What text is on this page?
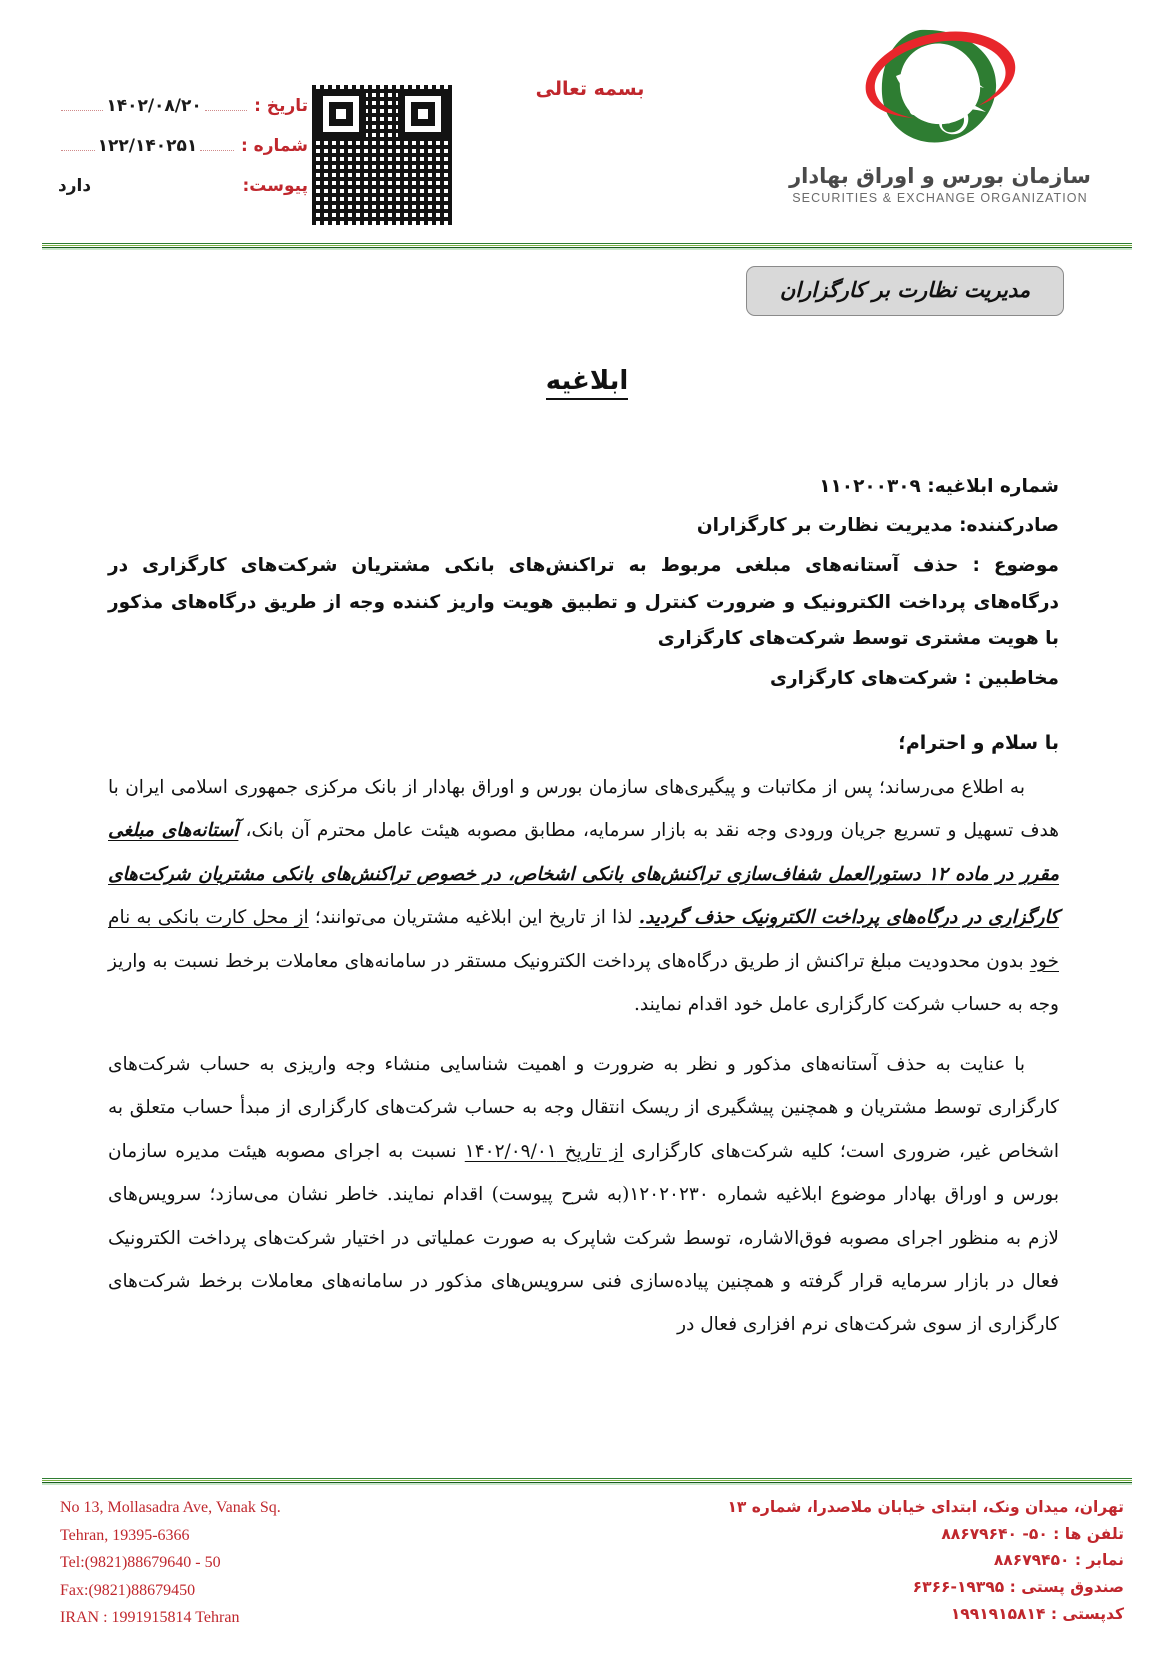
تاریخ :
۱۴۰۲/۰۸/۲۰
شماره :
۱۲۲/۱۴۰۲۵۱
پیوست:
دارد
بسمه تعالی
سازمان بورس و اوراق بهادار
SECURITIES & EXCHANGE ORGANIZATION
مدیریت نظارت بر کارگزاران
ابلاغیه
شماره ابلاغیه: ۱۱۰۲۰۰۳۰۹
صادرکننده: مدیریت نظارت بر کارگزاران
موضوع : حذف آستانه‌های مبلغی مربوط به تراکنش‌های بانکی مشتریان شرکت‌های کارگزاری در درگاه‌های پرداخت الکترونیک و ضرورت کنترل و تطبیق هویت واریز کننده وجه از طریق درگاه‌های مذکور با هویت مشتری توسط شرکت‌های کارگزاری
مخاطبین : شرکت‌های کارگزاری
با سلام و احترام؛

به اطلاع می‌رساند؛ پس از مکاتبات و پیگیری‌های سازمان بورس و اوراق بهادار از بانک مرکزی جمهوری اسلامی ایران با هدف تسهیل و تسریع جریان ورودی وجه نقد به بازار سرمایه، مطابق مصوبه هیئت عامل محترم آن بانک، آستانه‌های مبلغی مقرر در ماده ۱۲ دستورالعمل شفاف‌سازی تراکنش‌های بانکی اشخاص، در خصوص تراکنش‌های بانکی مشتریان شرکت‌های کارگزاری در درگاه‌های پرداخت الکترونیک حذف گردید. لذا از تاریخ این ابلاغیه مشتریان می‌توانند؛ از محل کارت بانکی به نام خود بدون محدودیت مبلغ تراکنش از طریق درگاه‌های پرداخت الکترونیک مستقر در سامانه‌های معاملات برخط نسبت به واریز وجه به حساب شرکت کارگزاری عامل خود اقدام نمایند.

با عنایت به حذف آستانه‌های مذکور و نظر به ضرورت و اهمیت شناسایی منشاء وجه واریزی به حساب شرکت‌های کارگزاری توسط مشتریان و همچنین پیشگیری از ریسک انتقال وجه به حساب شرکت‌های کارگزاری از مبدأ حساب متعلق به اشخاص غیر، ضروری است؛ کلیه شرکت‌های کارگزاری از تاریخ ۱۴۰۲/۰۹/۰۱ نسبت به اجرای مصوبه هیئت مدیره سازمان بورس و اوراق بهادار موضوع ابلاغیه شماره ۱۲۰۲۰۲۳۰(به شرح پیوست) اقدام نمایند. خاطر نشان می‌سازد؛ سرویس‌های لازم به منظور اجرای مصوبه فوق‌الاشاره، توسط شرکت شاپرک به صورت عملیاتی در اختیار شرکت‌های پرداخت الکترونیک فعال در بازار سرمایه قرار گرفته و همچنین پیاده‌سازی فنی سرویس‌های مذکور در سامانه‌های معاملات برخط شرکت‌های کارگزاری از سوی شرکت‌های نرم افزاری فعال در

تهران، میدان ونک، ابتدای خیابان ملاصدرا، شماره ۱۳
تلفن ها : ۵۰- ۸۸۶۷۹۶۴۰
نمابر : ۸۸۶۷۹۴۵۰
صندوق پستی : ۱۹۳۹۵-۶۳۶۶
کدپستی : ۱۹۹۱۹۱۵۸۱۴
No 13, Mollasadra Ave, Vanak Sq.
Tehran, 19395-6366
Tel:(9821)88679640 - 50
Fax:(9821)88679450
IRAN : 1991915814 Tehran
